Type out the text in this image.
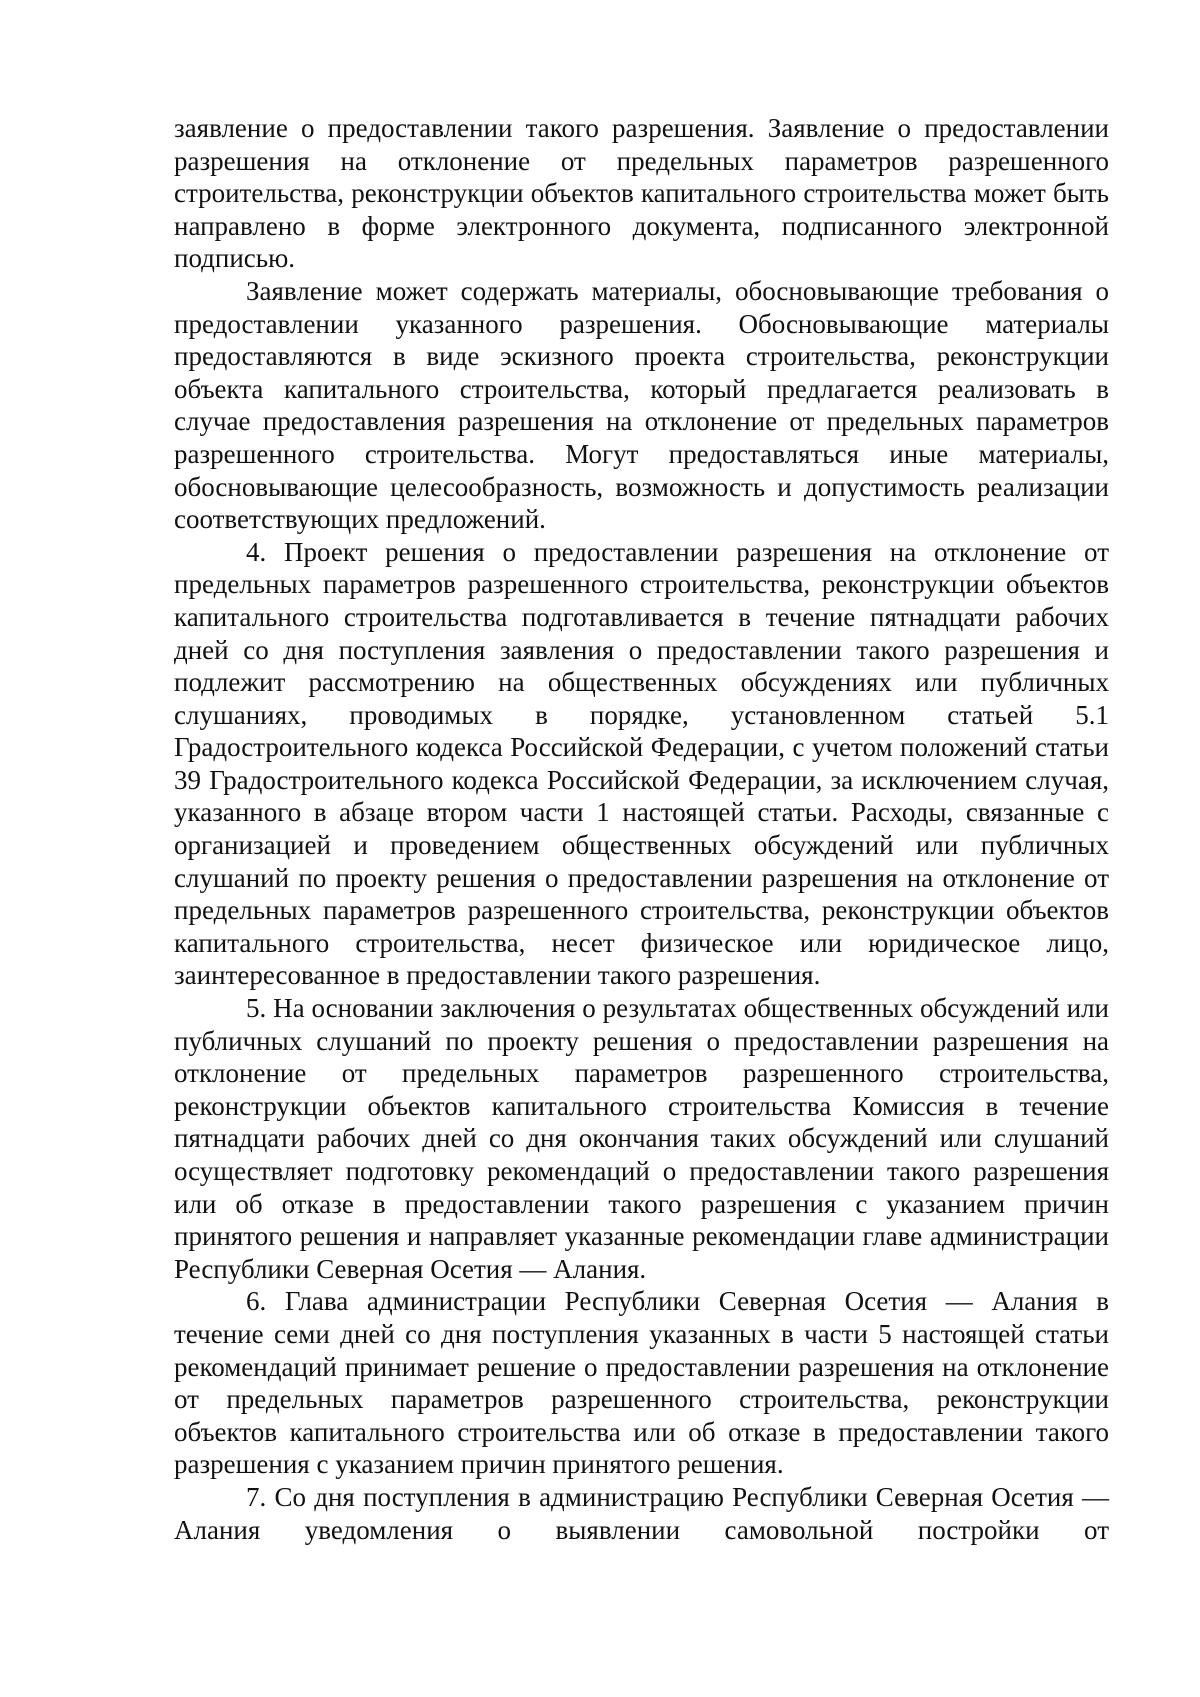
заявление о предоставлении такого разрешения. Заявление о предоставлении разрешения на отклонение от предельных параметров разрешенного строительства, реконструкции объектов капитального строительства может быть направлено в форме электронного документа, подписанного электронной подписью.

Заявление может содержать материалы, обосновывающие требования о предоставлении указанного разрешения. Обосновывающие материалы предоставляются в виде эскизного проекта строительства, реконструкции объекта капитального строительства, который предлагается реализовать в случае предоставления разрешения на отклонение от предельных параметров разрешенного строительства. Могут предоставляться иные материалы, обосновывающие целесообразность, возможность и допустимость реализации соответствующих предложений.

4. Проект решения о предоставлении разрешения на отклонение от предельных параметров разрешенного строительства, реконструкции объектов капитального строительства подготавливается в течение пятнадцати рабочих дней со дня поступления заявления о предоставлении такого разрешения и подлежит рассмотрению на общественных обсуждениях или публичных слушаниях, проводимых в порядке, установленном статьей 5.1 Градостроительного кодекса Российской Федерации, с учетом положений статьи 39 Градостроительного кодекса Российской Федерации, за исключением случая, указанного в абзаце втором части 1 настоящей статьи. Расходы, связанные с организацией и проведением общественных обсуждений или публичных слушаний по проекту решения о предоставлении разрешения на отклонение от предельных параметров разрешенного строительства, реконструкции объектов капитального строительства, несет физическое или юридическое лицо, заинтересованное в предоставлении такого разрешения.

5. На основании заключения о результатах общественных обсуждений или публичных слушаний по проекту решения о предоставлении разрешения на отклонение от предельных параметров разрешенного строительства, реконструкции объектов капитального строительства Комиссия в течение пятнадцати рабочих дней со дня окончания таких обсуждений или слушаний осуществляет подготовку рекомендаций о предоставлении такого разрешения или об отказе в предоставлении такого разрешения с указанием причин принятого решения и направляет указанные рекомендации главе администрации Республики Северная Осетия — Алания.

6. Глава администрации Республики Северная Осетия — Алания в течение семи дней со дня поступления указанных в части 5 настоящей статьи рекомендаций принимает решение о предоставлении разрешения на отклонение от предельных параметров разрешенного строительства, реконструкции объектов капитального строительства или об отказе в предоставлении такого разрешения с указанием причин принятого решения.

7. Со дня поступления в администрацию Республики Северная Осетия — Алания уведомления о выявлении самовольной постройки от
